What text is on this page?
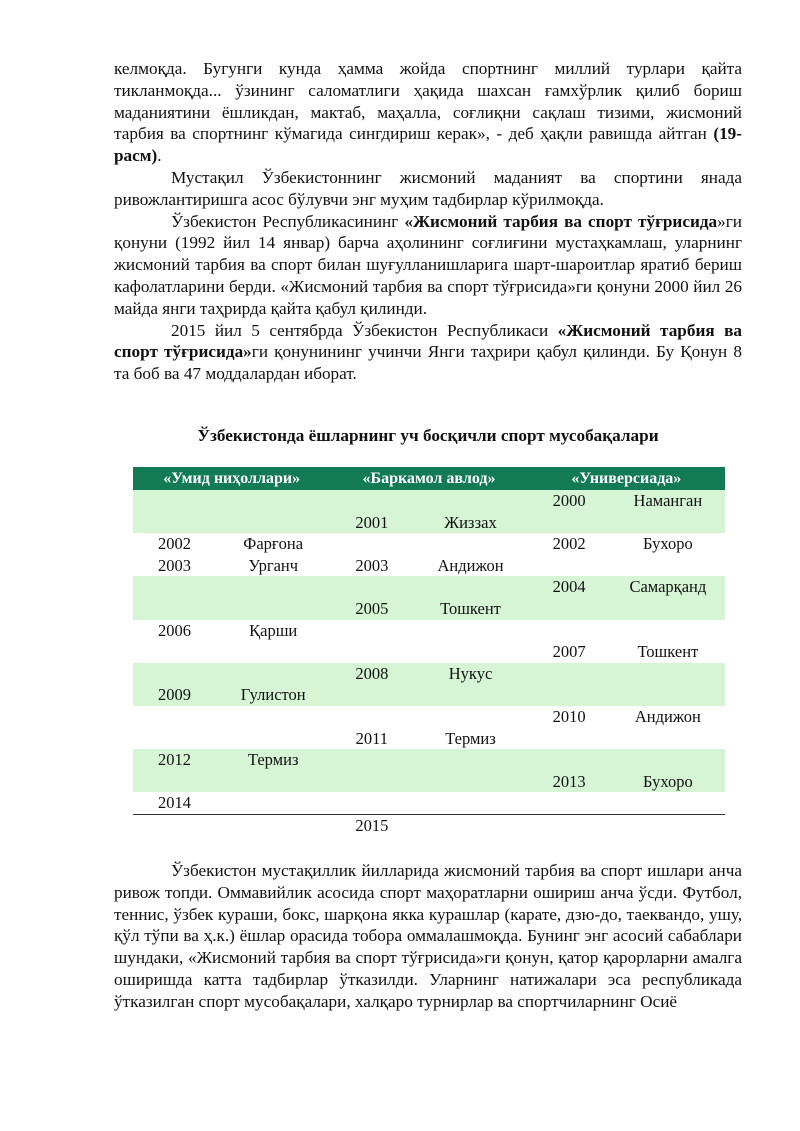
келмоқда. Бугунги кунда ҳамма жойда спортнинг миллий турлари қайта тикланмоқда... ўзининг саломатлиги ҳақида шахсан ғамхўрлик қилиб бориш маданиятини ёшликдан, мактаб, маҳалла, соғлиқни сақлаш тизими, жисмоний тарбия ва спортнинг кўмагида сингдириш керак», - деб ҳақли равишда айтган (19-расм).

Мустақил Ўзбекистоннинг жисмоний маданият ва спортини янада ривожлантиришга асос бўлувчи энг муҳим тадбирлар кўрилмоқда.

Ўзбекистон Республикасининг «Жисмоний тарбия ва спорт тўғрисида»ги қонуни (1992 йил 14 январ) барча аҳолининг соғлиғини мустаҳкамлаш, уларнинг жисмоний тарбия ва спорт билан шуғулланишларига шарт-шароитлар яратиб бериш кафолатларини берди. «Жисмоний тарбия ва спорт тўғрисида»ги қонуни 2000 йил 26 майда янги таҳрирда қайта қабул қилинди.

2015 йил 5 сентябрда Ўзбекистон Республикаси «Жисмоний тарбия ва спорт тўғрисида»ги қонунининг учинчи Янги таҳрири қабул қилинди. Бу Қонун 8 та боб ва 47 моддалардан иборат.

Ўзбекистонда ёшларнинг уч босқичли спорт мусобақалари
«Умид ниҳоллари»		«Баркамол авлод»		«Универсиада»	
				2000	Наманган
		2001	Жиззах		
2002	Фарғона			2002	Бухоро
2003	Урганч	2003	Андижон		
				2004	Самарқанд
		2005	Тошкент		
2006	Қарши				
				2007	Тошкент
		2008	Нукус		
2009	Гулистон				
				2010	Андижон
		2011	Термиз		
2012	Термиз				
				2013	Бухоро
2014					
		2015			

Ўзбекистон мустақиллик йилларида жисмоний тарбия ва спорт ишлари анча ривож топди. Оммавийлик асосида спорт маҳоратларни ошириш анча ўсди. Футбол, теннис, ўзбек кураши, бокс, шарқона якка курашлар (карате, дзю-до, таеквандо, ушу, қўл тўпи ва ҳ.к.) ёшлар орасида тобора оммалашмоқда. Бунинг энг асосий сабаблари шундаки, «Жисмоний тарбия ва спорт тўғрисида»ги қонун, қатор қарорларни амалга оширишда катта тадбирлар ўтказилди. Уларнинг натижалари эса республикада ўтказилган спорт мусобақалари, халқаро турнирлар ва спортчиларнинг Осиё
